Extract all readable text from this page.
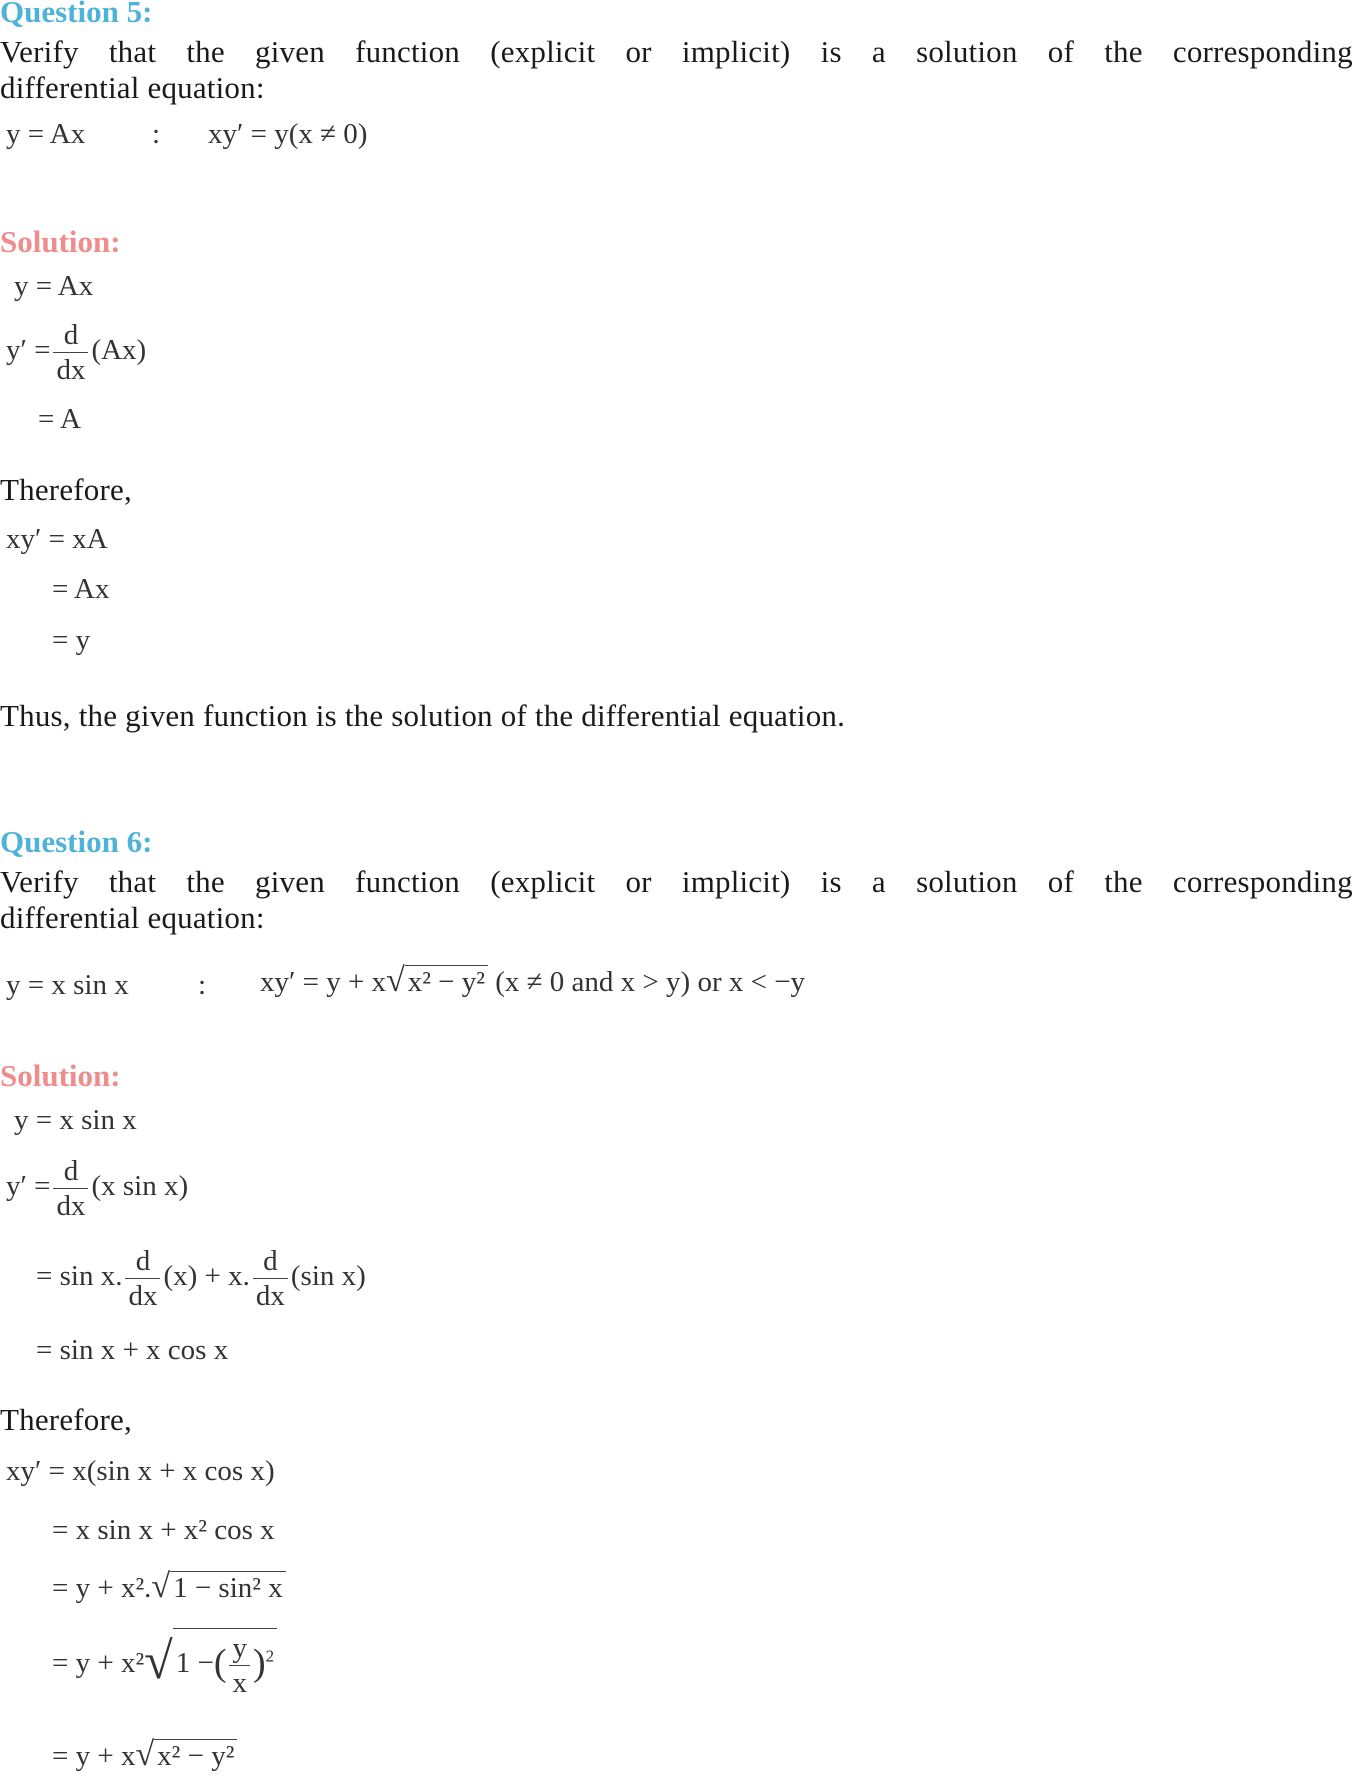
Question 5:
Verify that the given function (explicit or implicit) is a solution of the corresponding
differential equation:
y = Ax : xy′ = y(x ≠ 0)
Solution:
y = Ax
$y' = \frac{d}{dx} (Ax)$
= A
Therefore,
xy′ = xA
= Ax
= y
Thus, the given function is the solution of the differential equation.
Question 6:
Verify that the given function (explicit or implicit) is a solution of the corresponding
differential equation:
y = x sin x : xy′ = y + x√ x² − y² (x ≠ 0 and x > y) or x < −y
Solution:
y = x sin x
$y' = \frac{d}{dx} (x$ sin x)
= sin x. $\frac{d}{dx} (x) + x$. $\frac{d}{dx} (\sin$ x)
= sin x + x cos x
Therefore,
xy′ = x(sin x + x cos x)
= x sin x + x² cos x
= y + x².√ 1 − sin² x
= y + x²√ 1 −( $\frac{y}{x} )^2$
= y + x√ x² − y²
